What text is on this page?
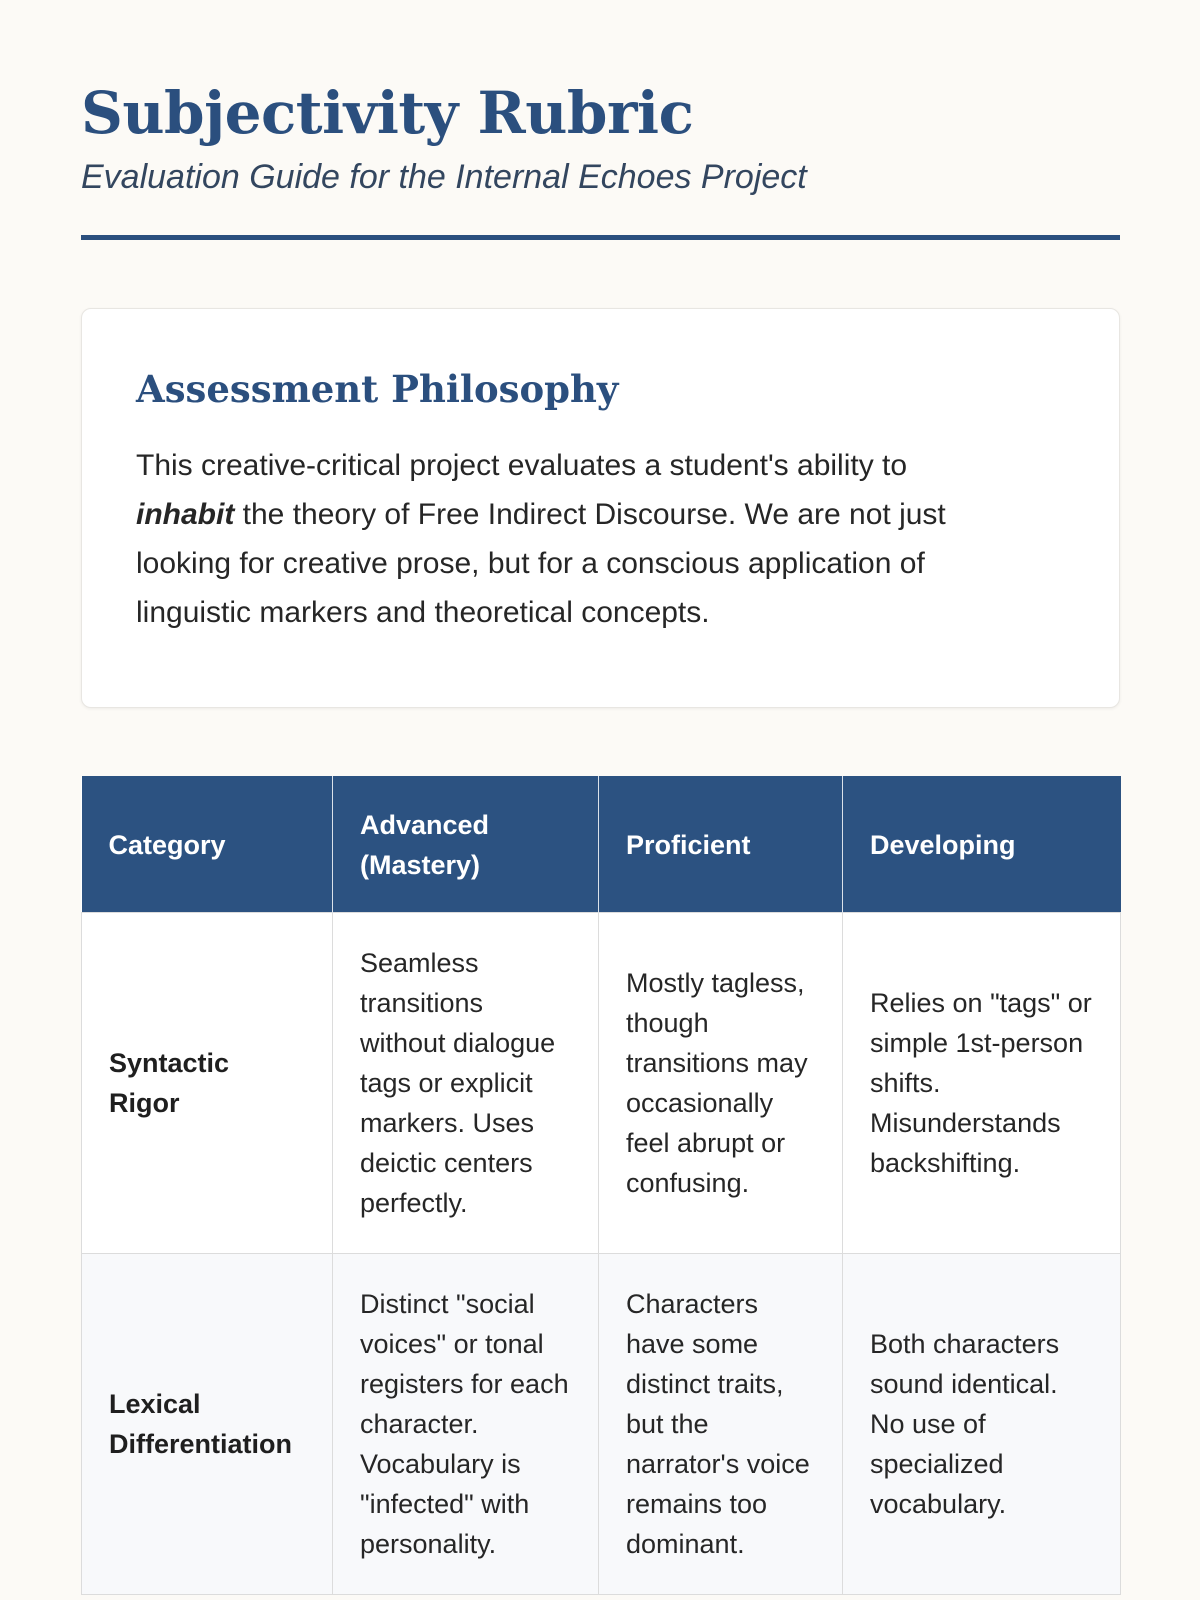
Subjectivity Rubric

Evaluation Guide for the Internal Echoes Project

Assessment Philosophy

This creative-critical project evaluates a student's ability to inhabit the theory of Free Indirect Discourse. We are not just looking for creative prose, but for a conscious application of linguistic markers and theoretical concepts.

Category	Advanced (Mastery)	Proficient	Developing
Syntactic Rigor	Seamless transitions without dialogue tags or explicit markers. Uses deictic centers perfectly.	Mostly tagless, though transitions may occasionally feel abrupt or confusing.	Relies on "tags" or simple 1st-person shifts. Misunderstands backshifting.
Lexical Differentiation	Distinct "social voices" or tonal registers for each character. Vocabulary is "infected" with personality.	Characters have some distinct traits, but the narrator's voice remains too dominant.	Both characters sound identical. No use of specialized vocabulary.
